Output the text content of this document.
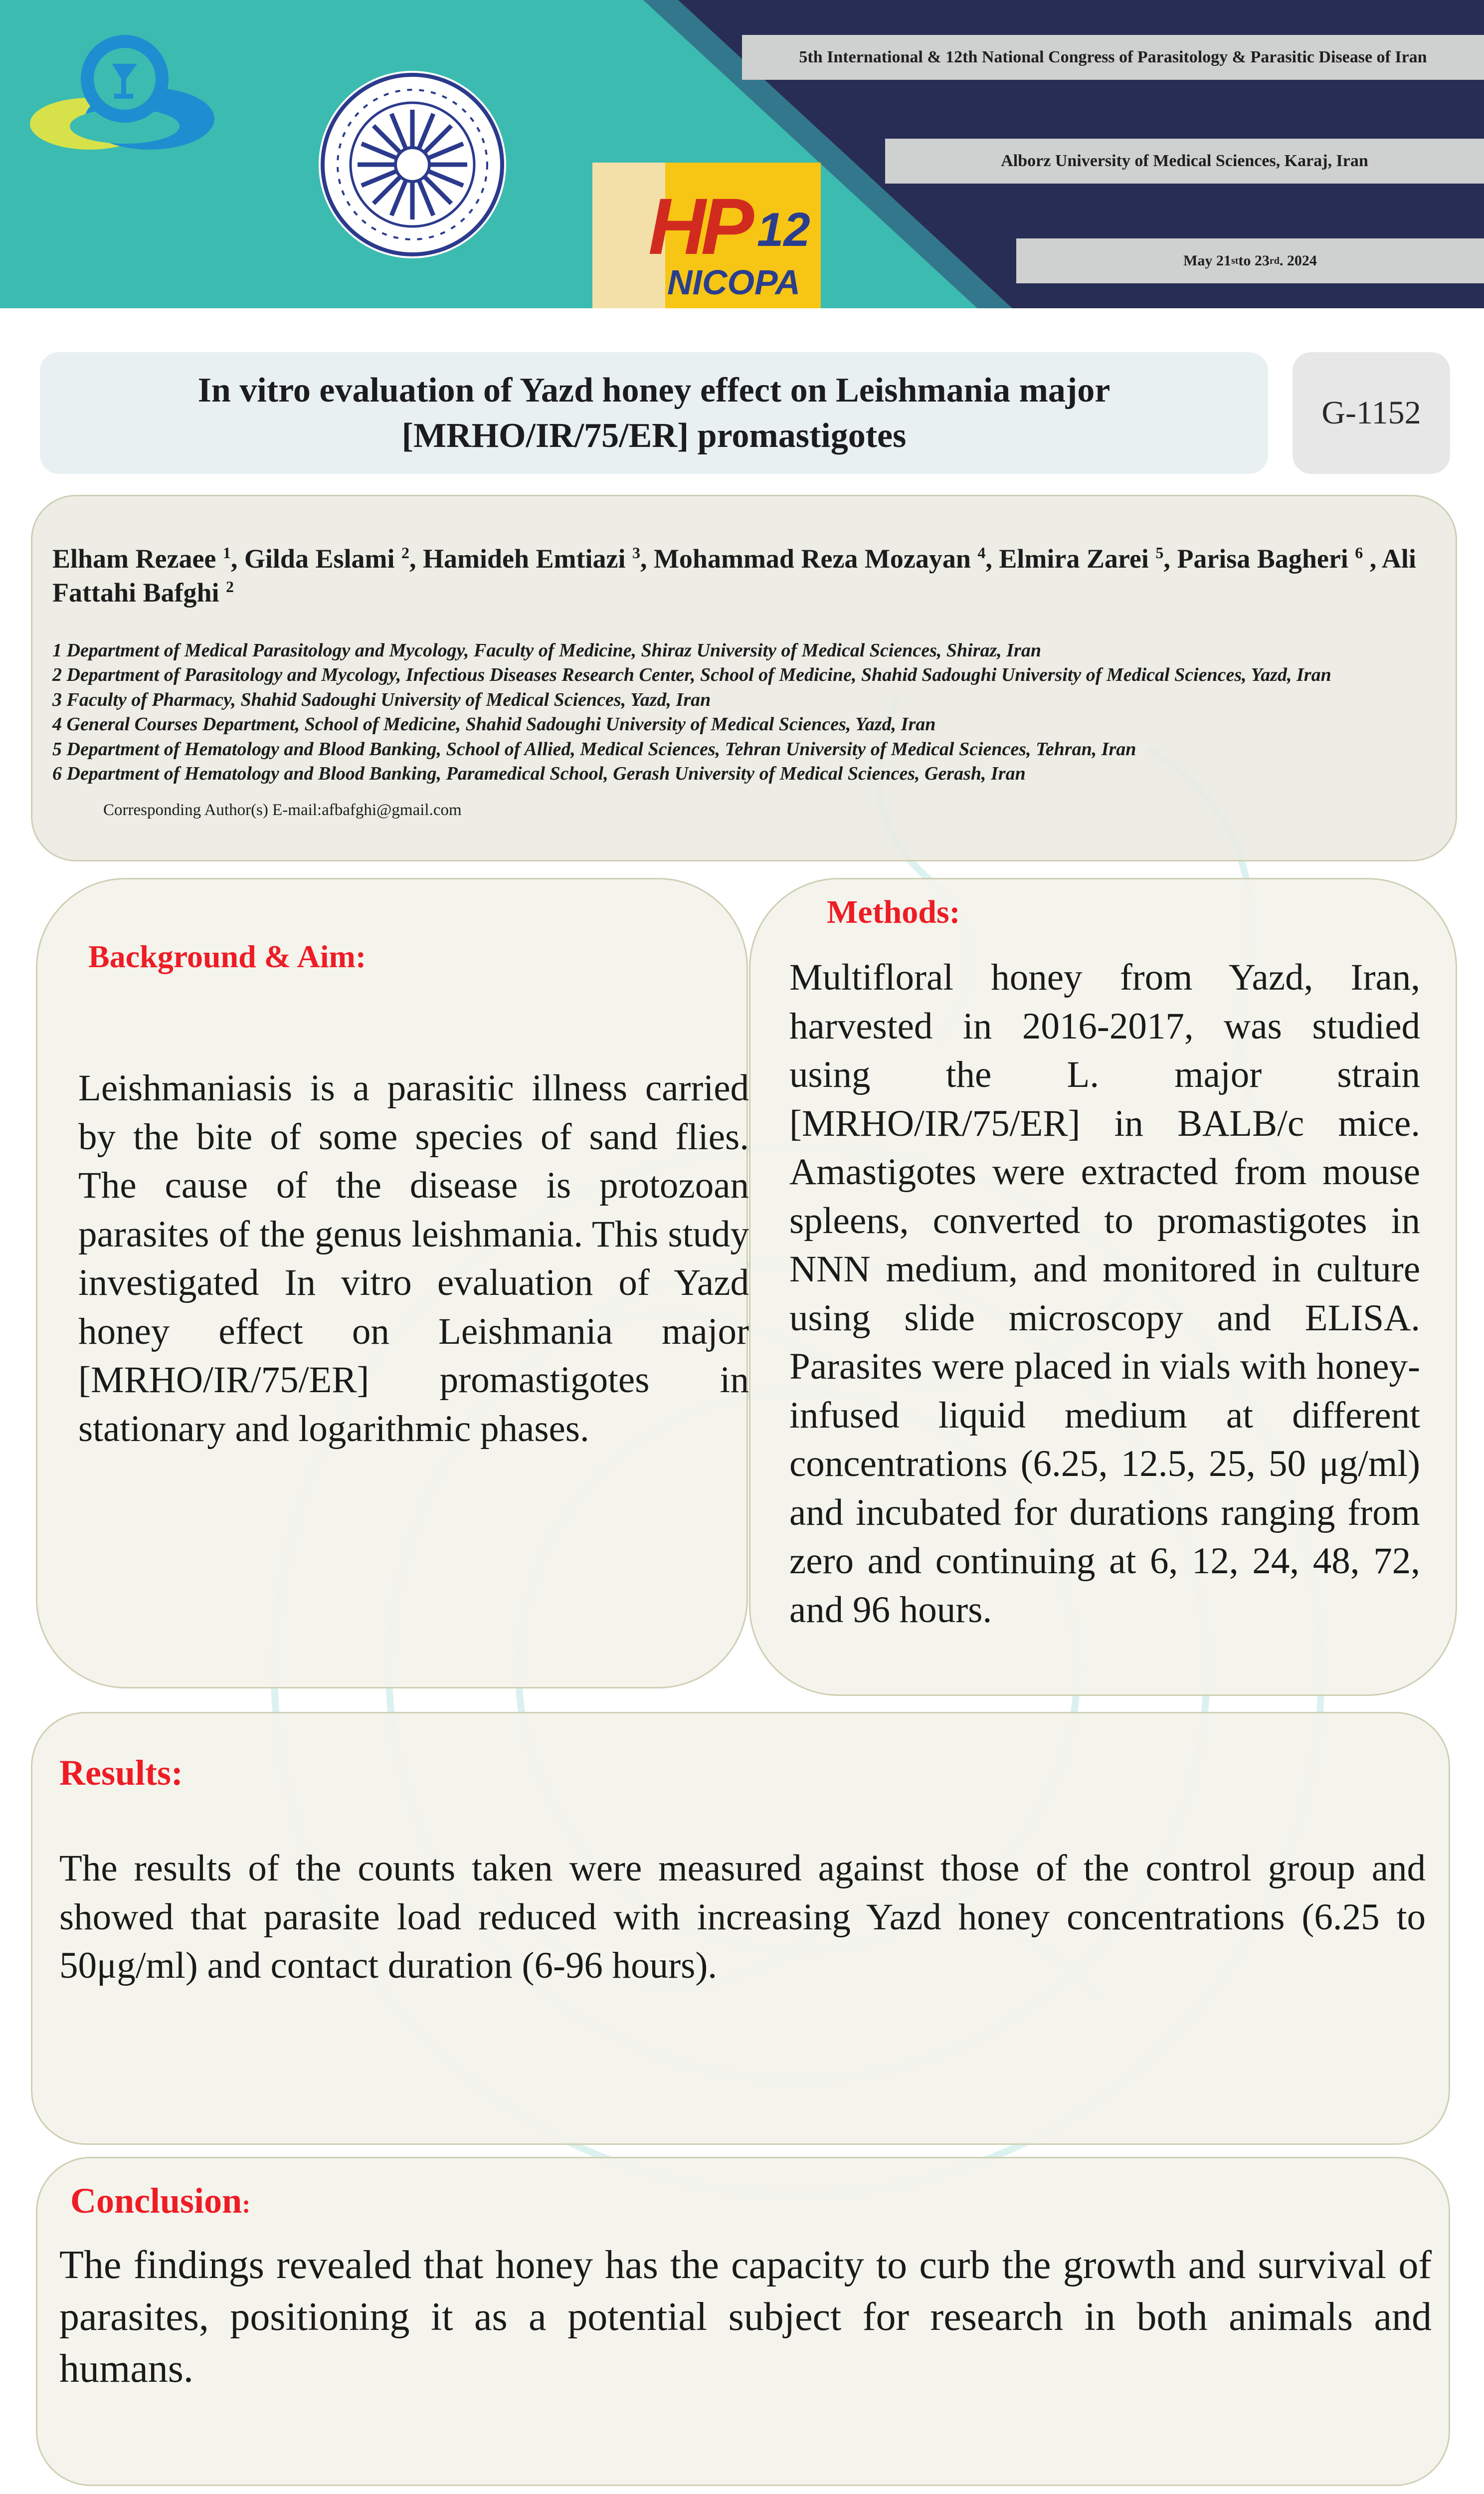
HP 12
NICOPA
5th International & 12th National Congress of Parasitology & Parasitic Disease of Iran
Alborz University of Medical Sciences, Karaj, Iran
May 21 st to 23 rd . 2024
In vitro evaluation of Yazd honey effect on Leishmania major [MRHO/IR/75/ER] promastigotes
G-1152

Elham Rezaee $^1$, Gilda Eslami $^2$, Hamideh Emtiazi $^3$, Mohammad Reza Mozayan $^4$, Elmira Zarei $^5$, Parisa Bagheri $^6$ , Ali Fattahi Bafghi $^2$

1 Department of Medical Parasitology and Mycology, Faculty of Medicine, Shiraz University of Medical Sciences, Shiraz, Iran
2 Department of Parasitology and Mycology, Infectious Diseases Research Center, School of Medicine, Shahid Sadoughi University of Medical Sciences, Yazd, Iran
3 Faculty of Pharmacy, Shahid Sadoughi University of Medical Sciences, Yazd, Iran
4 General Courses Department, School of Medicine, Shahid Sadoughi University of Medical Sciences, Yazd, Iran
5 Department of Hematology and Blood Banking, School of Allied, Medical Sciences, Tehran University of Medical Sciences, Tehran, Iran
6 Department of Hematology and Blood Banking, Paramedical School, Gerash University of Medical Sciences, Gerash, Iran

Corresponding Author(s) E-mail:afbafghi@gmail.com

Background & Aim:

Leishmaniasis is a parasitic illness carried by the bite of some species of sand flies. The cause of the disease is protozoan parasites of the genus leishmania. This study investigated In vitro evaluation of Yazd honey effect on Leishmania major [MRHO/IR/75/ER] promastigotes in stationary and logarithmic phases.

Methods:

Multifloral honey from Yazd, Iran, harvested in 2016-2017, was studied using the L. major strain [MRHO/IR/75/ER] in BALB/c mice. Amastigotes were extracted from mouse spleens, converted to promastigotes in NNN medium, and monitored in culture using slide microscopy and ELISA. Parasites were placed in vials with honey-infused liquid medium at different concentrations (6.25, 12.5, 25, 50 μg/ml) and incubated for durations ranging from zero and continuing at 6, 12, 24, 48, 72, and 96 hours.

Results:

The results of the counts taken were measured against those of the control group and showed that parasite load reduced with increasing Yazd honey concentrations (6.25 to 50μg/ml) and contact duration (6-96 hours).

Conclusion:

The findings revealed that honey has the capacity to curb the growth and survival of parasites, positioning it as a potential subject for research in both animals and humans.
